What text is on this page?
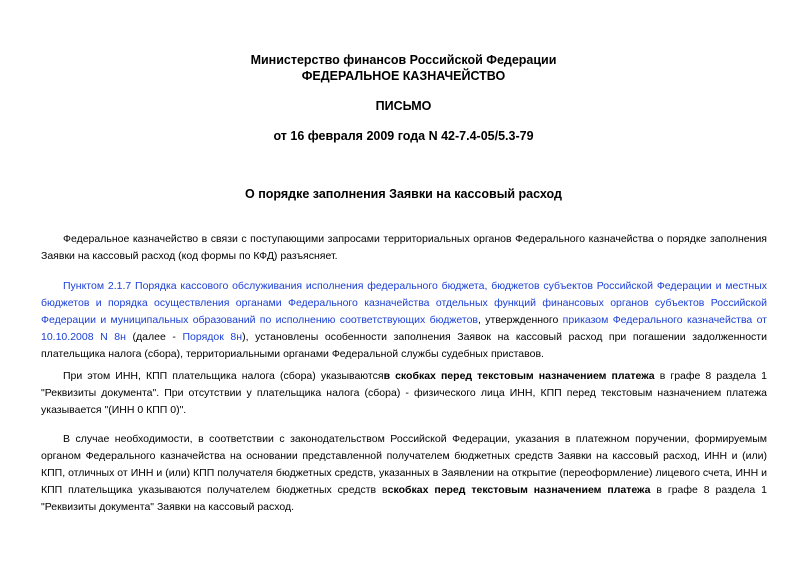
Министерство финансов Российской Федерации
ФЕДЕРАЛЬНОЕ КАЗНАЧЕЙСТВО
ПИСЬМО
от 16 февраля 2009 года N 42-7.4-05/5.3-79
О порядке заполнения Заявки на кассовый расход
Федеральное казначейство в связи с поступающими запросами территориальных органов Федерального казначейства о порядке заполнения Заявки на кассовый расход (код формы по КФД) разъясняет.
Пунктом 2.1.7 Порядка кассового обслуживания исполнения федерального бюджета, бюджетов субъектов Российской Федерации и местных бюджетов и порядка осуществления органами Федерального казначейства отдельных функций финансовых органов субъектов Российской Федерации и муниципальных образований по исполнению соответствующих бюджетов, утвержденного приказом Федерального казначейства от 10.10.2008 N 8н (далее - Порядок 8н), установлены особенности заполнения Заявок на кассовый расход при погашении задолженности плательщика налога (сбора), территориальными органами Федеральной службы судебных приставов.
При этом ИНН, КПП плательщика налога (сбора) указываютсяв скобках перед текстовым назначением платежа в графе 8 раздела 1 "Реквизиты документа". При отсутствии у плательщика налога (сбора) - физического лица ИНН, КПП перед текстовым назначением платежа указывается "(ИНН 0 КПП 0)".
В случае необходимости, в соответствии с законодательством Российской Федерации, указания в платежном поручении, формируемым органом Федерального казначейства на основании представленной получателем бюджетных средств Заявки на кассовый расход, ИНН и (или) КПП, отличных от ИНН и (или) КПП получателя бюджетных средств, указанных в Заявлении на открытие (переоформление) лицевого счета, ИНН и КПП плательщика указываются получателем бюджетных средств вскобках перед текстовым назначением платежа в графе 8 раздела 1 "Реквизиты документа" Заявки на кассовый расход.
